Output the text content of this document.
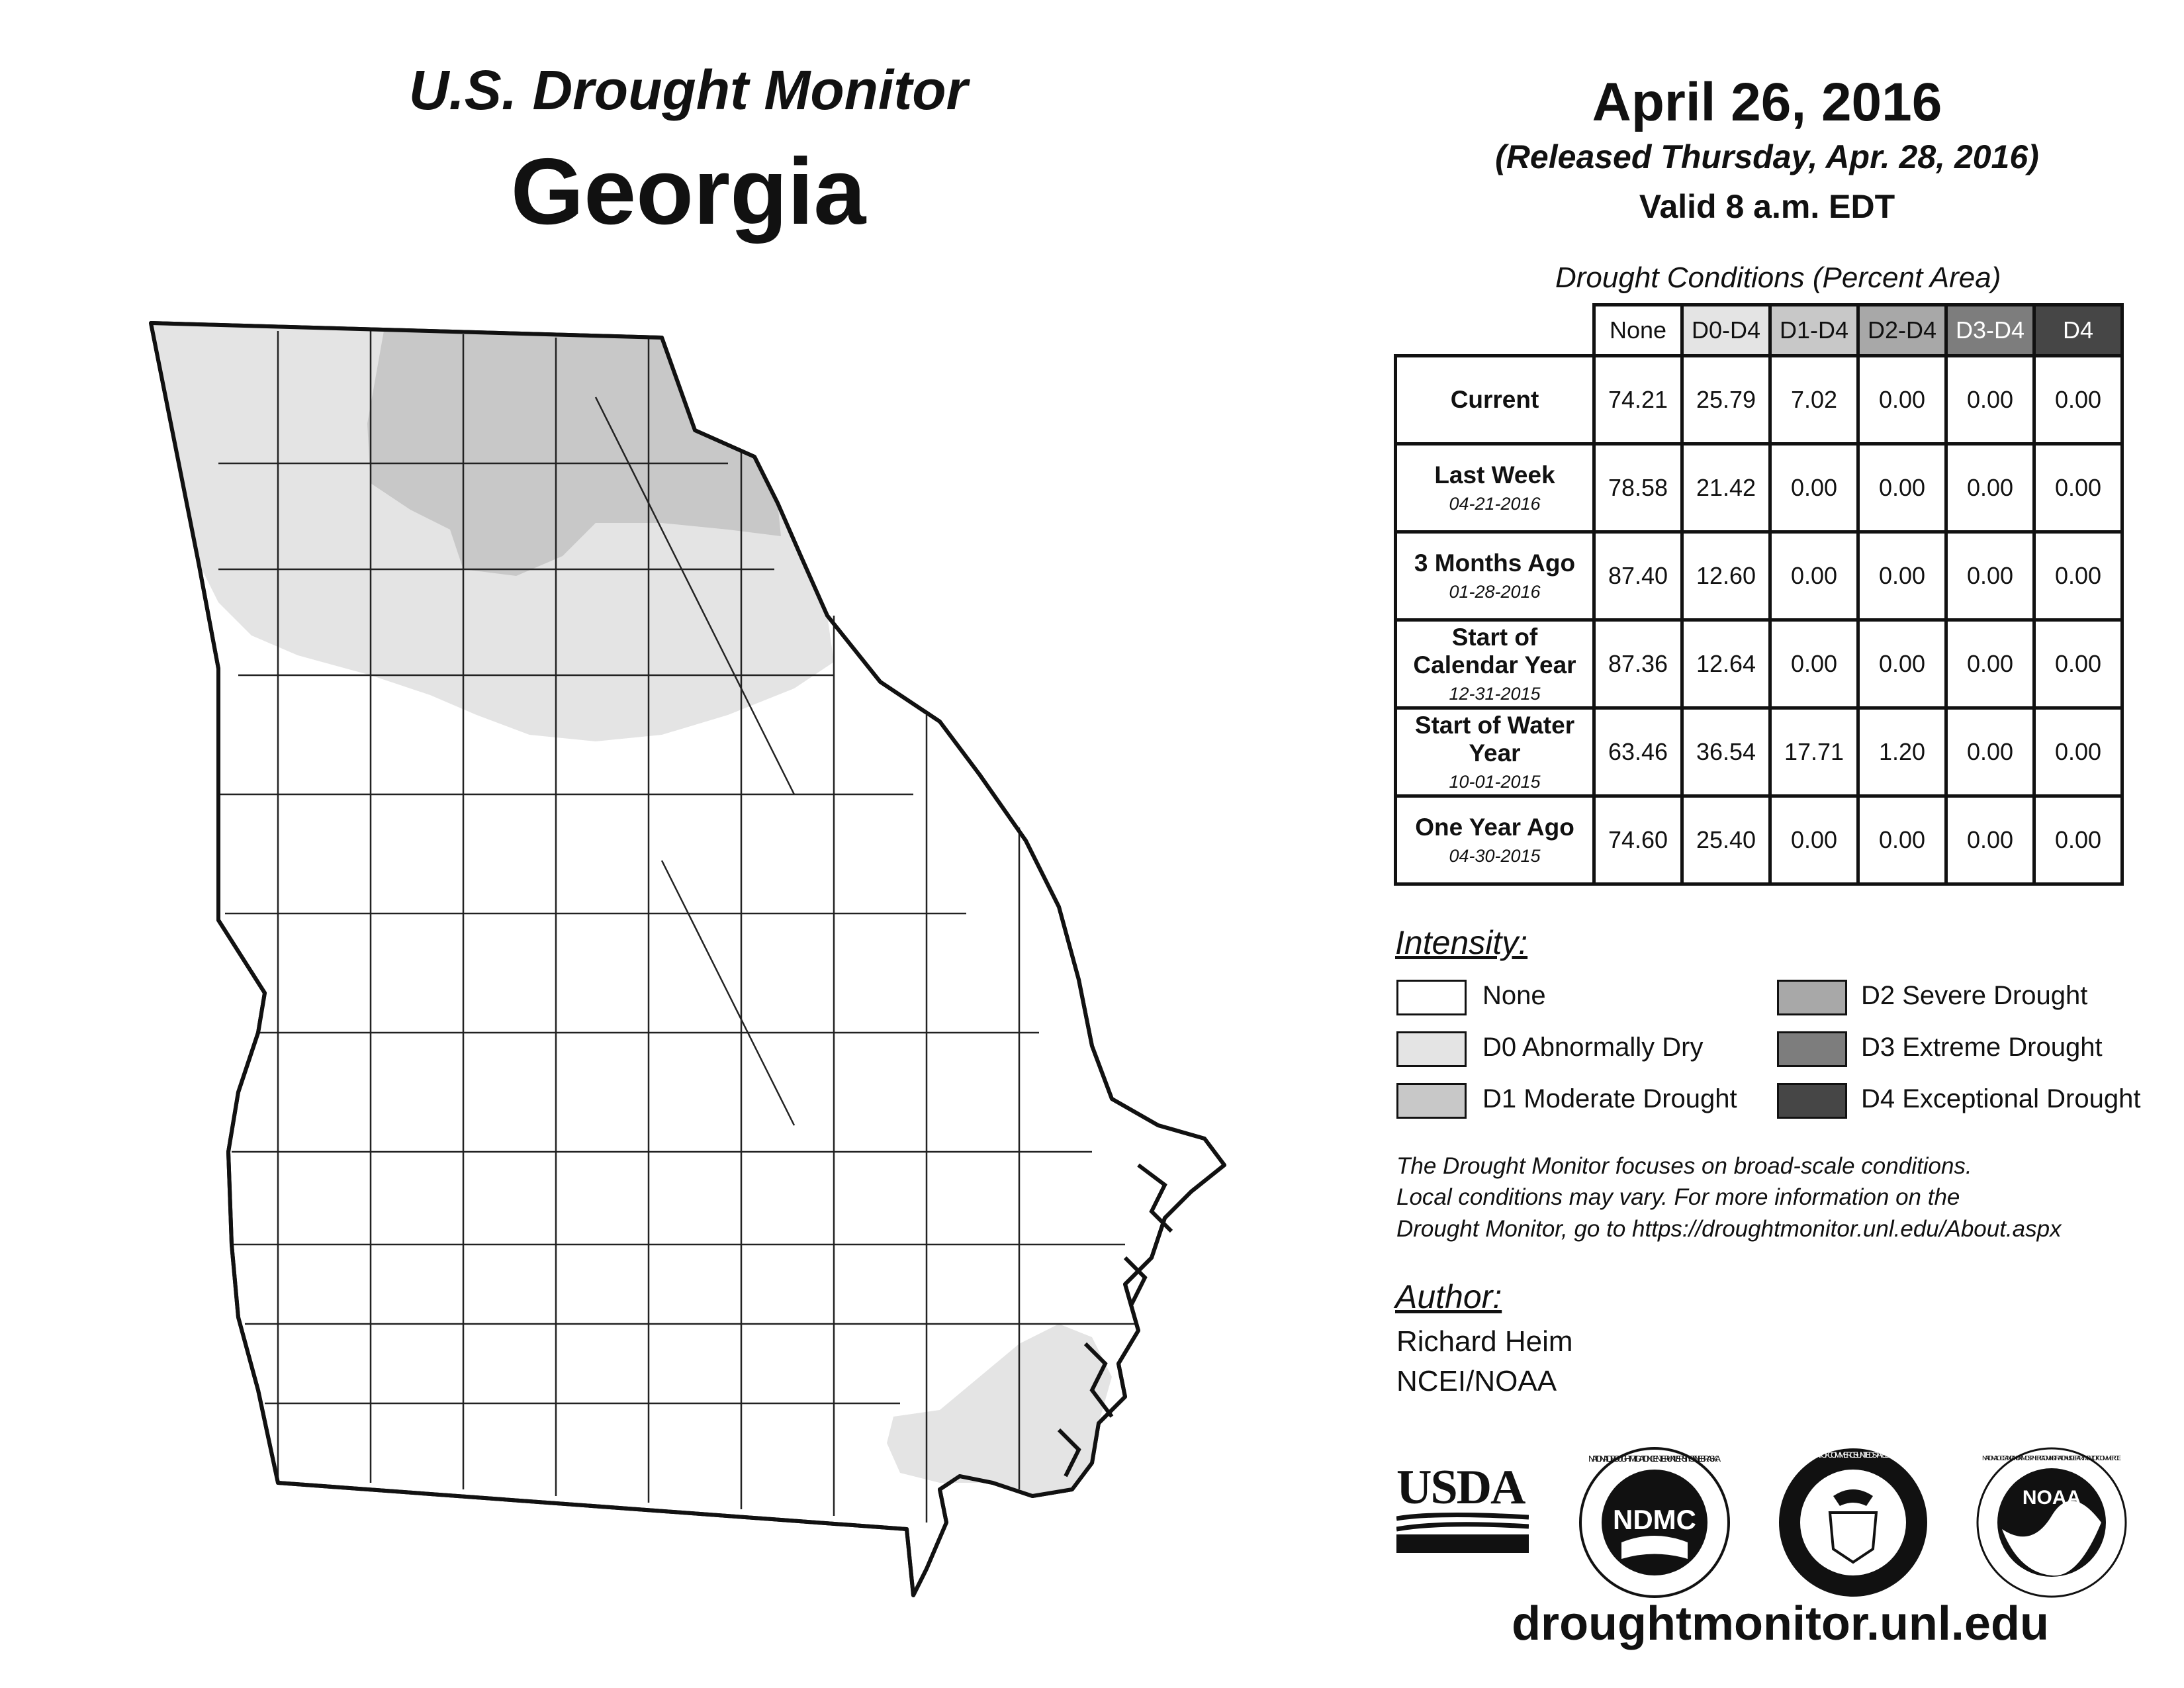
U.S. Drought Monitor
Georgia
April 26, 2016
(Released Thursday, Apr. 28, 2016)
Valid 8 a.m. EDT
Drought Conditions (Percent Area)
	None	D0-D4	D1-D4	D2-D4	D3-D4	D4
Current	74.21	25.79	7.02	0.00	0.00	0.00
Last Week
04-21-2016	78.58	21.42	0.00	0.00	0.00	0.00
3 Months Ago
01-28-2016	87.40	12.60	0.00	0.00	0.00	0.00
Start of Calendar Year
12-31-2015	87.36	12.64	0.00	0.00	0.00	0.00
Start of Water Year
10-01-2015	63.46	36.54	17.71	1.20	0.00	0.00
One Year Ago
04-30-2015	74.60	25.40	0.00	0.00	0.00	0.00
Intensity:
None
D0 Abnormally Dry
D1 Moderate Drought
D2 Severe Drought
D3 Extreme Drought
D4 Exceptional Drought
The Drought Monitor focuses on broad-scale conditions.
Local conditions may vary. For more information on the
Drought Monitor, go to https://droughtmonitor.unl.edu/About.aspx
Author:
Richard Heim
NCEI/NOAA
USDA
NDMC
NATIONAL DROUGHT MITIGATION CENTER • UNIVERSITY OF NEBRASKA	DEPARTMENT OF COMMERCE • UNITED STATES OF AMERICA
NOAA
NATIONAL OCEANIC AND ATMOSPHERIC ADMINISTRATION • U.S. DEPARTMENT OF COMMERCE
droughtmonitor.unl.edu
